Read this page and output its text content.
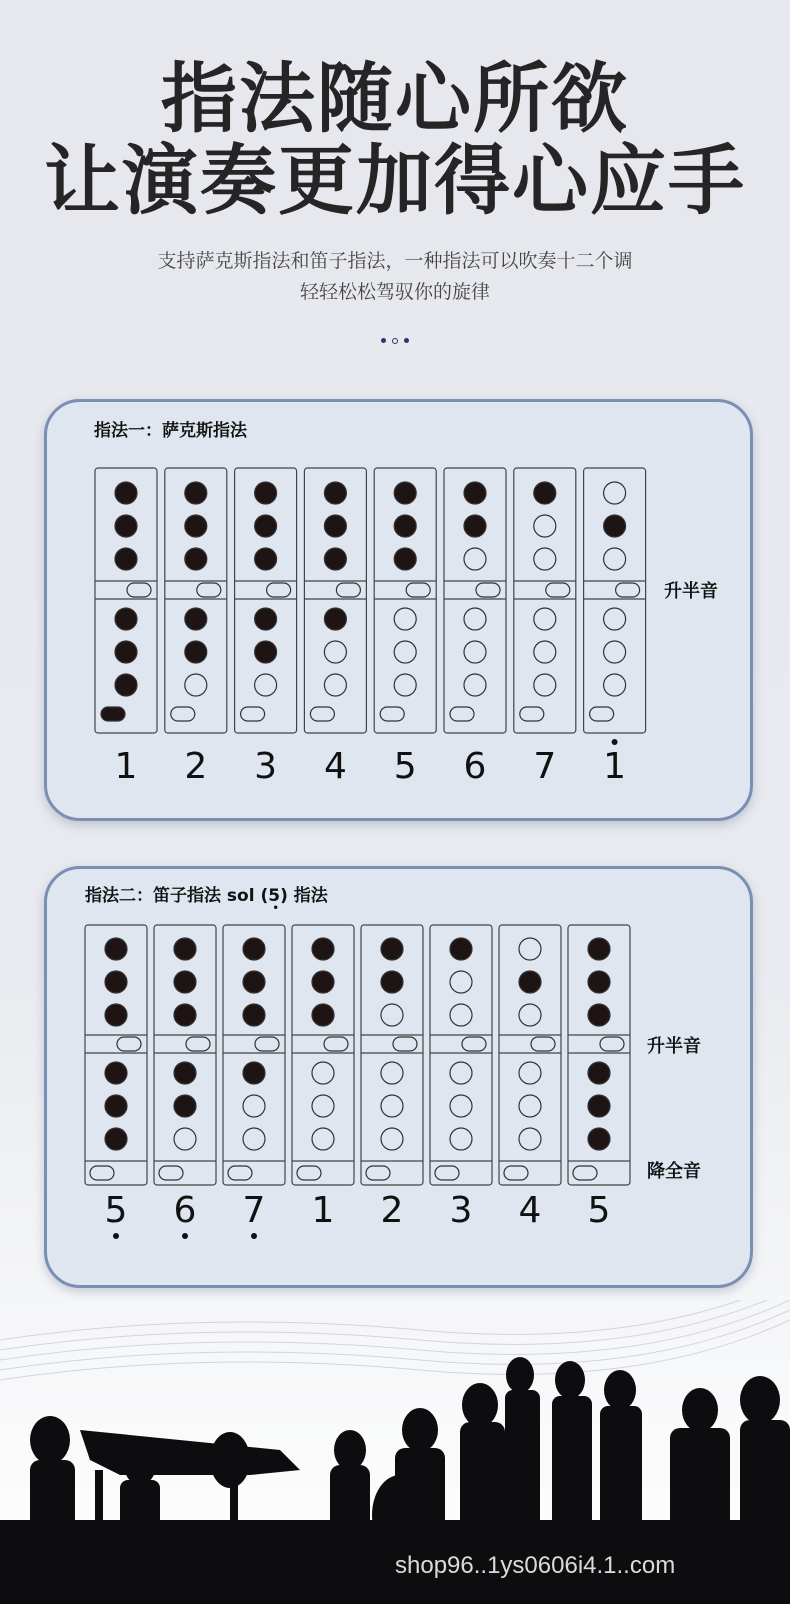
指法随心所欲
让演奏更加得心应手
支持萨克斯指法和笛子指法，一种指法可以吹奏十二个调
轻轻松松驾驭你的旋律
指法一：萨克斯指法
1 2 3 4 5 6 7 1
升半音
指法二：笛子指法 sol (5)
•
指法
5 6 7 1 2 3 4 5
升半音
降全音
shop96..1ys0606i4.1..com
